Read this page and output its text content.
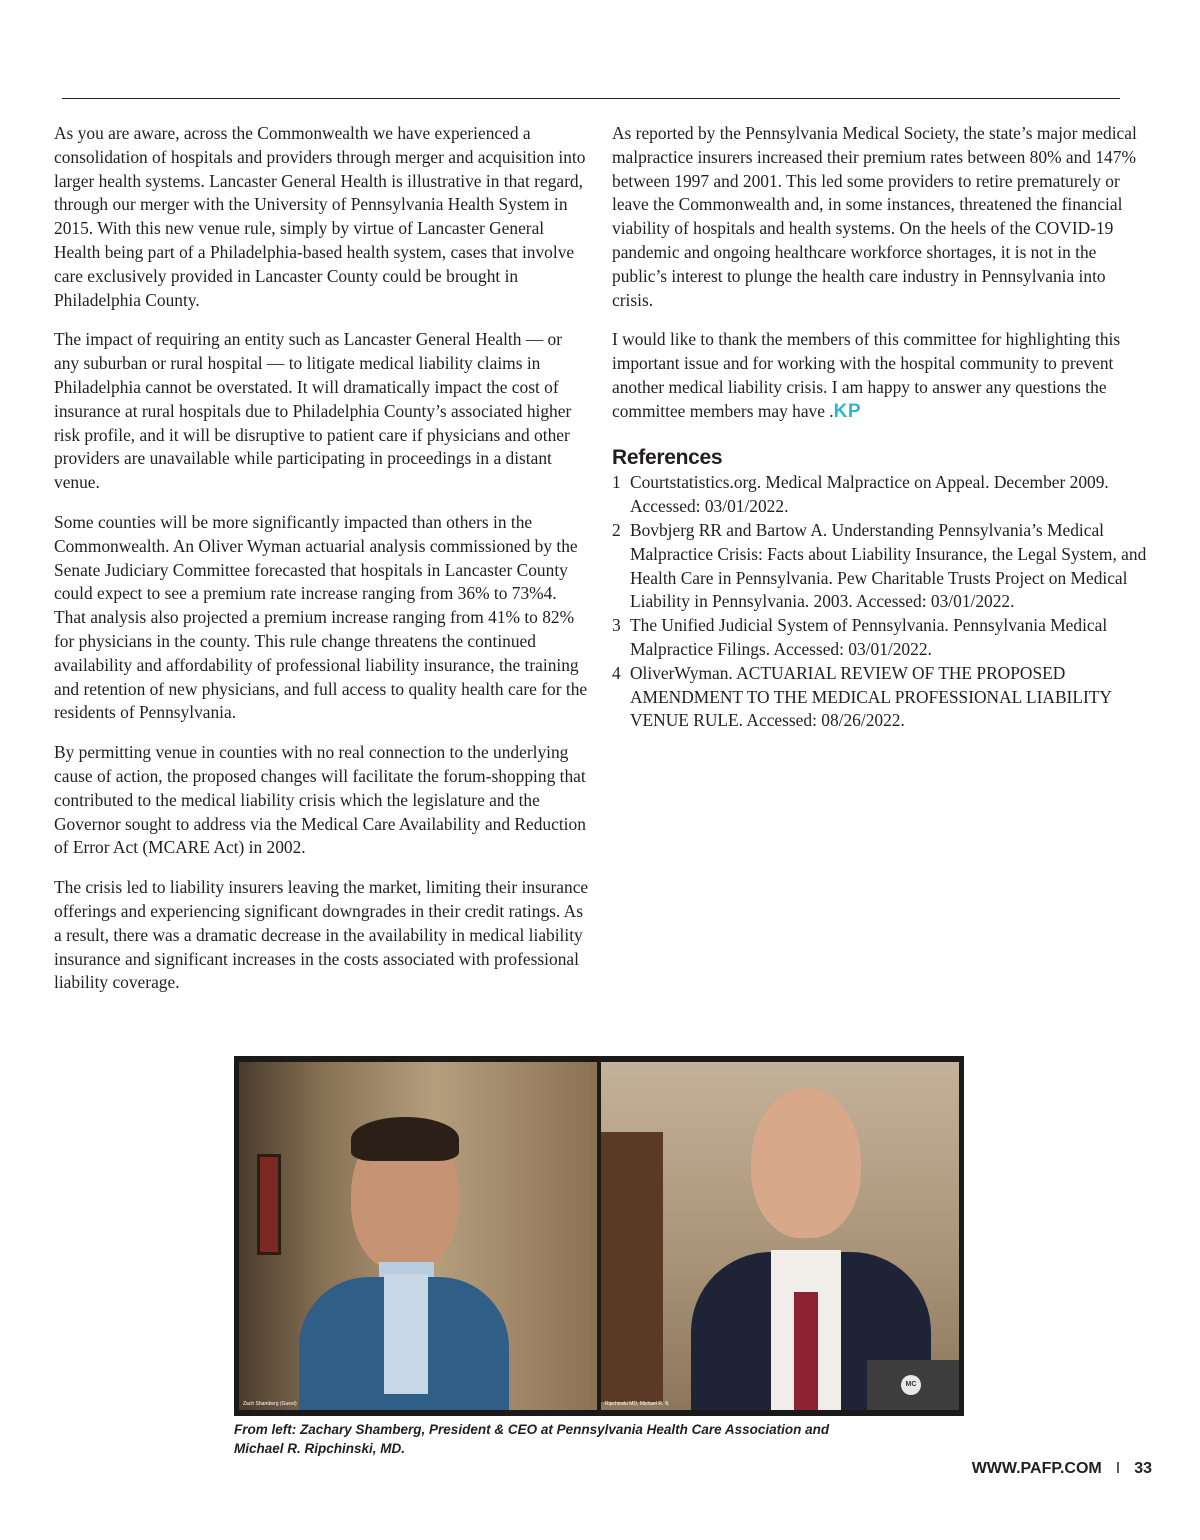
As you are aware, across the Commonwealth we have experienced a consolidation of hospitals and providers through merger and acquisition into larger health systems. Lancaster General Health is illustrative in that regard, through our merger with the University of Pennsylvania Health System in 2015. With this new venue rule, simply by virtue of Lancaster General Health being part of a Philadelphia-based health system, cases that involve care exclusively provided in Lancaster County could be brought in Philadelphia County.

The impact of requiring an entity such as Lancaster General Health — or any suburban or rural hospital — to litigate medical liability claims in Philadelphia cannot be overstated. It will dramatically impact the cost of insurance at rural hospitals due to Philadelphia County’s associated higher risk profile, and it will be disruptive to patient care if physicians and other providers are unavailable while participating in proceedings in a distant venue.

Some counties will be more significantly impacted than others in the Commonwealth. An Oliver Wyman actuarial analysis commissioned by the Senate Judiciary Committee forecasted that hospitals in Lancaster County could expect to see a premium rate increase ranging from 36% to 73%4. That analysis also projected a premium increase ranging from 41% to 82% for physicians in the county. This rule change threatens the continued availability and affordability of professional liability insurance, the training and retention of new physicians, and full access to quality health care for the residents of Pennsylvania.

By permitting venue in counties with no real connection to the underlying cause of action, the proposed changes will facilitate the forum-shopping that contributed to the medical liability crisis which the legislature and the Governor sought to address via the Medical Care Availability and Reduction of Error Act (MCARE Act) in 2002.

The crisis led to liability insurers leaving the market, limiting their insurance offerings and experiencing significant downgrades in their credit ratings. As a result, there was a dramatic decrease in the availability in medical liability insurance and significant increases in the costs associated with professional liability coverage.

As reported by the Pennsylvania Medical Society, the state’s major medical malpractice insurers increased their premium rates between 80% and 147% between 1997 and 2001. This led some providers to retire prematurely or leave the Commonwealth and, in some instances, threatened the financial viability of hospitals and health systems. On the heels of the COVID-19 pandemic and ongoing healthcare workforce shortages, it is not in the public’s interest to plunge the health care industry in Pennsylvania into crisis.

I would like to thank the members of this committee for highlighting this important issue and for working with the hospital community to prevent another medical liability crisis. I am happy to answer any questions the committee members may have .KP

References
1 Courtstatistics.org. Medical Malpractice on Appeal. December 2009. Accessed: 03/01/2022.
2 Bovbjerg RR and Bartow A. Understanding Pennsylvania’s Medical Malpractice Crisis: Facts about Liability Insurance, the Legal System, and Health Care in Pennsylvania. Pew Charitable Trusts Project on Medical Liability in Pennsylvania. 2003. Accessed: 03/01/2022.
3 The Unified Judicial System of Pennsylvania. Pennsylvania Medical Malpractice Filings. Accessed: 03/01/2022.
4 OliverWyman. ACTUARIAL REVIEW OF THE PROPOSED AMENDMENT TO THE MEDICAL PROFESSIONAL LIABILITY VENUE RULE. Accessed: 08/26/2022.
Zach Shamberg (Guest)
MC
Ripchinski MD, Michael R. ⇅
From left: Zachary Shamberg, President & CEO at Pennsylvania Health Care Association and
Michael R. Ripchinski, MD.
WWW.PAFP.COM I 33
